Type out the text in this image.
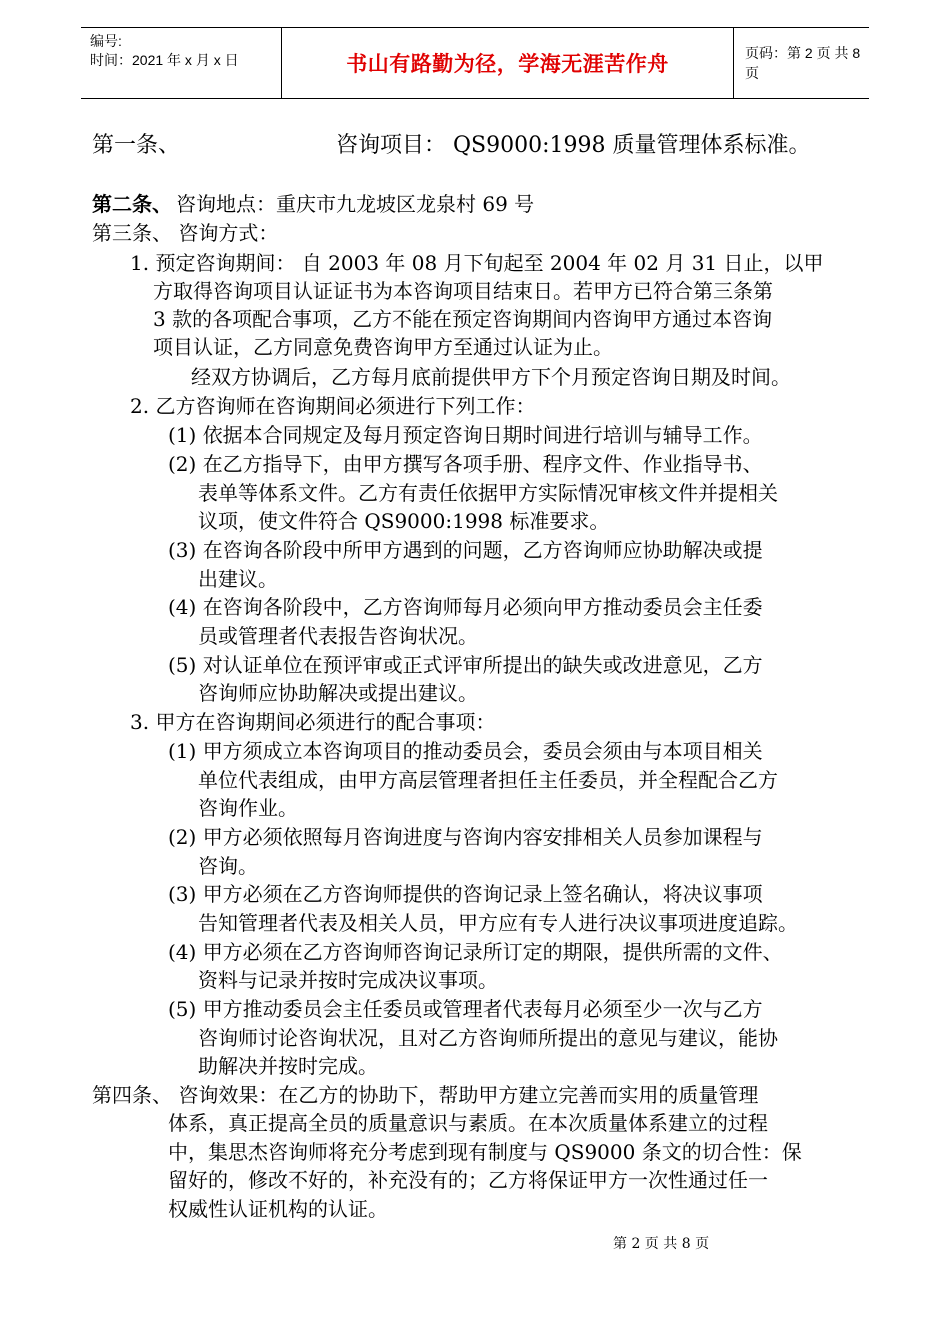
编号:
时间：2021 年 x 月 x 日	书山有路勤为径，学海无涯苦作舟	页码：第 2 页 共 8 页
第一条、	咨询项目： QS9000:1998 质量管理体系标准。
第二条、 咨询地点：重庆市九龙坡区龙泉村 69 号
第三条、 咨询方式：
1. 预定咨询期间： 自 2003 年 08 月下旬起至 2004 年 02 月 31 日止，以甲
方取得咨询项目认证证书为本咨询项目结束日。若甲方已符合第三条第
3 款的各项配合事项，乙方不能在预定咨询期间内咨询甲方通过本咨询
项目认证，乙方同意免费咨询甲方至通过认证为止。
经双方协调后，乙方每月底前提供甲方下个月预定咨询日期及时间。
2. 乙方咨询师在咨询期间必须进行下列工作：
(1) 依据本合同规定及每月预定咨询日期时间进行培训与辅导工作。
(2) 在乙方指导下，由甲方撰写各项手册、程序文件、作业指导书、
表单等体系文件。乙方有责任依据甲方实际情况审核文件并提相关
议项，使文件符合 QS9000:1998 标准要求。
(3) 在咨询各阶段中所甲方遇到的问题，乙方咨询师应协助解决或提
出建议。
(4) 在咨询各阶段中，乙方咨询师每月必须向甲方推动委员会主任委
员或管理者代表报告咨询状况。
(5) 对认证单位在预评审或正式评审所提出的缺失或改进意见，乙方
咨询师应协助解决或提出建议。
3. 甲方在咨询期间必须进行的配合事项：
(1) 甲方须成立本咨询项目的推动委员会，委员会须由与本项目相关
单位代表组成，由甲方高层管理者担任主任委员，并全程配合乙方
咨询作业。
(2) 甲方必须依照每月咨询进度与咨询内容安排相关人员参加课程与
咨询。
(3) 甲方必须在乙方咨询师提供的咨询记录上签名确认，将决议事项
告知管理者代表及相关人员，甲方应有专人进行决议事项进度追踪。
(4) 甲方必须在乙方咨询师咨询记录所订定的期限，提供所需的文件、
资料与记录并按时完成决议事项。
(5) 甲方推动委员会主任委员或管理者代表每月必须至少一次与乙方
咨询师讨论咨询状况，且对乙方咨询师所提出的意见与建议，能协
助解决并按时完成。
第四条、 咨询效果：在乙方的协助下，帮助甲方建立完善而实用的质量管理
体系，真正提高全员的质量意识与素质。在本次质量体系建立的过程
中，集思杰咨询师将充分考虑到现有制度与 QS9000 条文的切合性：保
留好的，修改不好的，补充没有的；乙方将保证甲方一次性通过任一
权威性认证机构的认证。
第 2 页 共 8 页
